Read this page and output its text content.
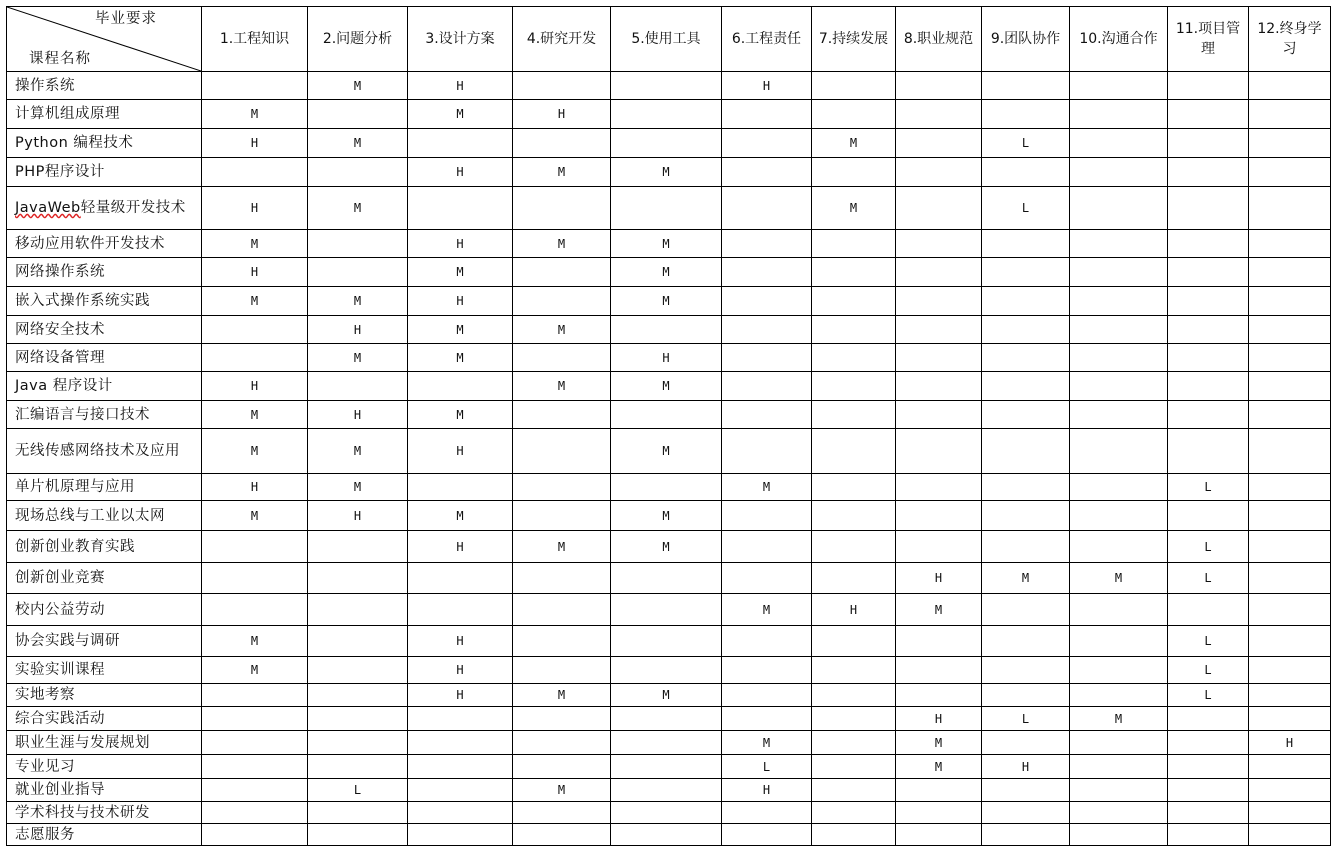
毕业要求
课程名称	1.工程知识	2.问题分析	3.设计方案	4.研究开发	5.使用工具	6.工程责任	7.持续发展	8.职业规范	9.团队协作	10.沟通合作	11.项目管理	12.终身学习
操作系统		M	H			H						
计算机组成原理	M		M	H								
Python 编程技术	H	M					M		L			
PHP程序设计			H	M	M							
JavaWeb轻量级开发技术	H	M					M		L			
移动应用软件开发技术	M		H	M	M							
网络操作系统	H		M		M							
嵌入式操作系统实践	M	M	H		M							
网络安全技术		H	M	M								
网络设备管理		M	M		H							
Java 程序设计	H			M	M							
汇编语言与接口技术	M	H	M									
无线传感网络技术及应用	M	M	H		M							
单片机原理与应用	H	M				M					L	
现场总线与工业以太网	M	H	M		M							
创新创业教育实践			H	M	M						L	
创新创业竞赛								H	M	M	L	
校内公益劳动						M	H	M				
协会实践与调研	M		H								L	
实验实训课程	M		H								L	
实地考察			H	M	M						L	
综合实践活动								H	L	M		
职业生涯与发展规划						M		M				H
专业见习						L		M	H			
就业创业指导		L		M		H						
学术科技与技术研发												
志愿服务												
